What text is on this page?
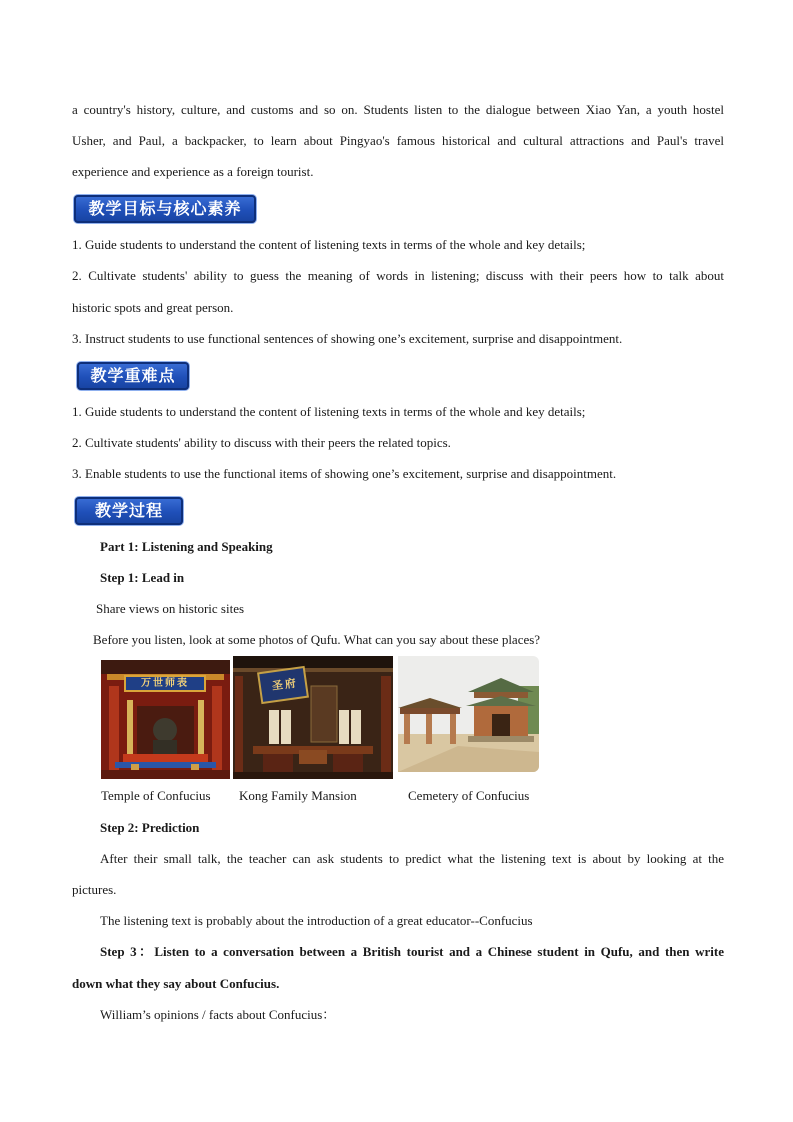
a country's history, culture, and customs and so on. Students listen to the dialogue between Xiao Yan, a youth hostel
Usher, and Paul, a backpacker, to learn about Pingyao's famous historical and cultural attractions and Paul's travel
experience and experience as a foreign tourist.
教学目标与核心素养
1. Guide students to understand the content of listening texts in terms of the whole and key details;
2. Cultivate students' ability to guess the meaning of words in listening; discuss with their peers how to talk about
historic spots and great person.
3. Instruct students to use functional sentences of showing one’s excitement, surprise and disappointment.
教学重难点
1. Guide students to understand the content of listening texts in terms of the whole and key details;
2. Cultivate students' ability to discuss with their peers the related topics.
3. Enable students to use the functional items of showing one’s excitement, surprise and disappointment.
教学过程
Part 1: Listening and Speaking
Step 1: Lead in
Share views on historic sites
Before you listen, look at some photos of Qufu. What can you say about these places?
万世师表	圣府
Temple of Confucius Kong Family Mansion	Cemetery of Confucius
Step 2: Prediction
After their small talk, the teacher can ask students to predict what the listening text is about by looking at the
pictures.
The listening text is probably about the introduction of a great educator--Confucius
Step 3：Listen to a conversation between a British tourist and a Chinese student in Qufu, and then write
down what they say about Confucius.
William’s opinions / facts about Confucius：
